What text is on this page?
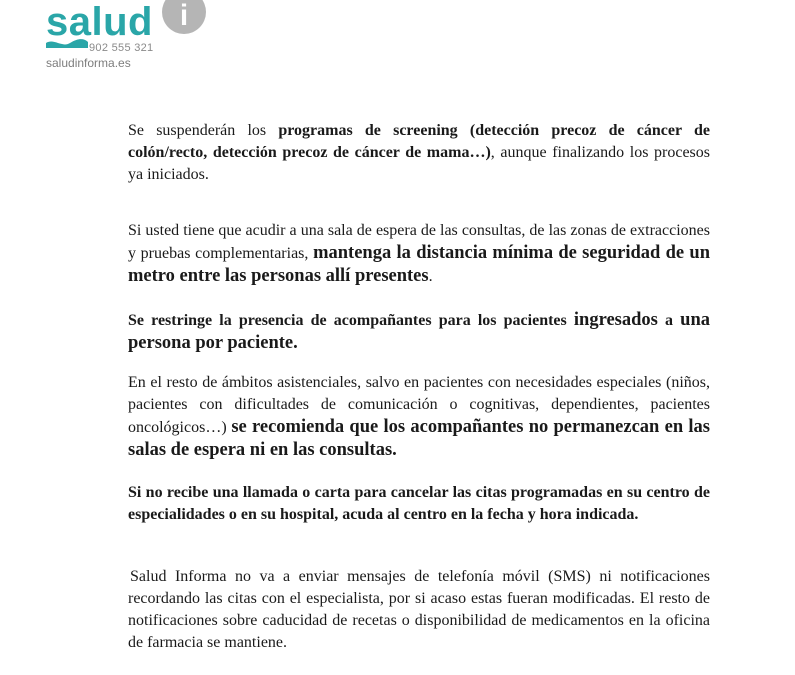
salud i
902 555 321
saludinforma.es

Se suspenderán los programas de screening (detección precoz de cáncer de colón/recto, detección precoz de cáncer de mama…), aunque finalizando los procesos ya iniciados.

Si usted tiene que acudir a una sala de espera de las consultas, de las zonas de extracciones y pruebas complementarias, mantenga la distancia mínima de seguridad de un metro entre las personas allí presentes.

Se restringe la presencia de acompañantes para los pacientes ingresados a una persona por paciente.

En el resto de ámbitos asistenciales, salvo en pacientes con necesidades especiales (niños, pacientes con dificultades de comunicación o cognitivas, dependientes, pacientes oncológicos…) se recomienda que los acompañantes no permanezcan en las salas de espera ni en las consultas.

Si no recibe una llamada o carta para cancelar las citas programadas en su centro de especialidades o en su hospital, acuda al centro en la fecha y hora indicada.

Salud Informa no va a enviar mensajes de telefonía móvil (SMS) ni notificaciones recordando las citas con el especialista, por si acaso estas fueran modificadas. El resto de notificaciones sobre caducidad de recetas o disponibilidad de medicamentos en la oficina de farmacia se mantiene.
